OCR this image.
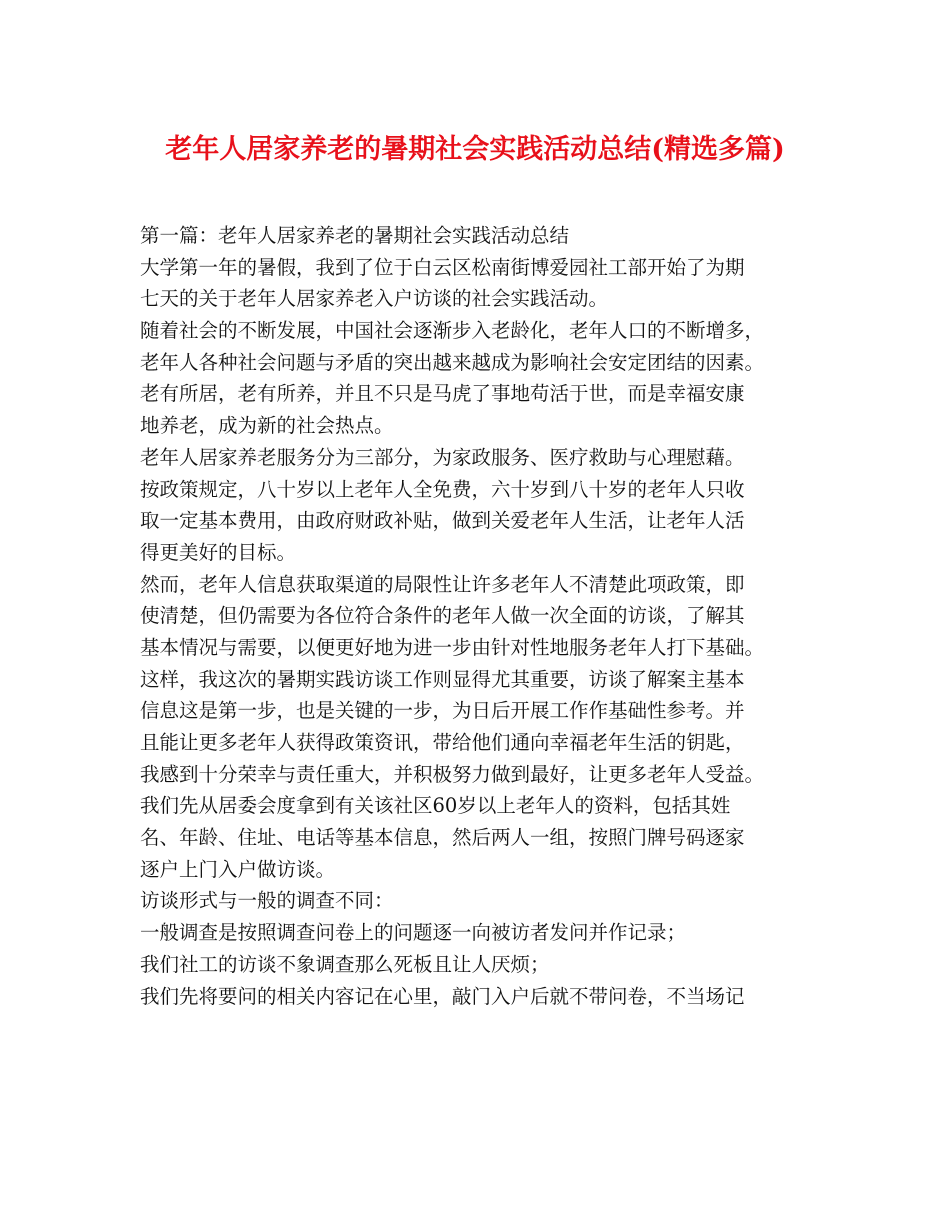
老年人居家养老的暑期社会实践活动总结(精选多篇)
第一篇：老年人居家养老的暑期社会实践活动总结
大学第一年的暑假，我到了位于白云区松南街博爱园社工部开始了为期
七天的关于老年人居家养老入户访谈的社会实践活动。
随着社会的不断发展，中国社会逐渐步入老龄化，老年人口的不断增多，
老年人各种社会问题与矛盾的突出越来越成为影响社会安定团结的因素。
老有所居，老有所养，并且不只是马虎了事地苟活于世，而是幸福安康
地养老，成为新的社会热点。
老年人居家养老服务分为三部分，为家政服务、医疗救助与心理慰藉。
按政策规定，八十岁以上老年人全免费，六十岁到八十岁的老年人只收
取一定基本费用，由政府财政补贴，做到关爱老年人生活，让老年人活
得更美好的目标。
然而，老年人信息获取渠道的局限性让许多老年人不清楚此项政策，即
使清楚，但仍需要为各位符合条件的老年人做一次全面的访谈，了解其
基本情况与需要，以便更好地为进一步由针对性地服务老年人打下基础。
这样，我这次的暑期实践访谈工作则显得尤其重要，访谈了解案主基本
信息这是第一步，也是关键的一步，为日后开展工作作基础性参考。并
且能让更多老年人获得政策资讯，带给他们通向幸福老年生活的钥匙，
我感到十分荣幸与责任重大，并积极努力做到最好，让更多老年人受益。
我们先从居委会度拿到有关该社区60岁以上老年人的资料，包括其姓
名、年龄、住址、电话等基本信息，然后两人一组，按照门牌号码逐家
逐户上门入户做访谈。
访谈形式与一般的调查不同：
一般调查是按照调查问卷上的问题逐一向被访者发问并作记录；
我们社工的访谈不象调查那么死板且让人厌烦；
我们先将要问的相关内容记在心里，敲门入户后就不带问卷，不当场记
